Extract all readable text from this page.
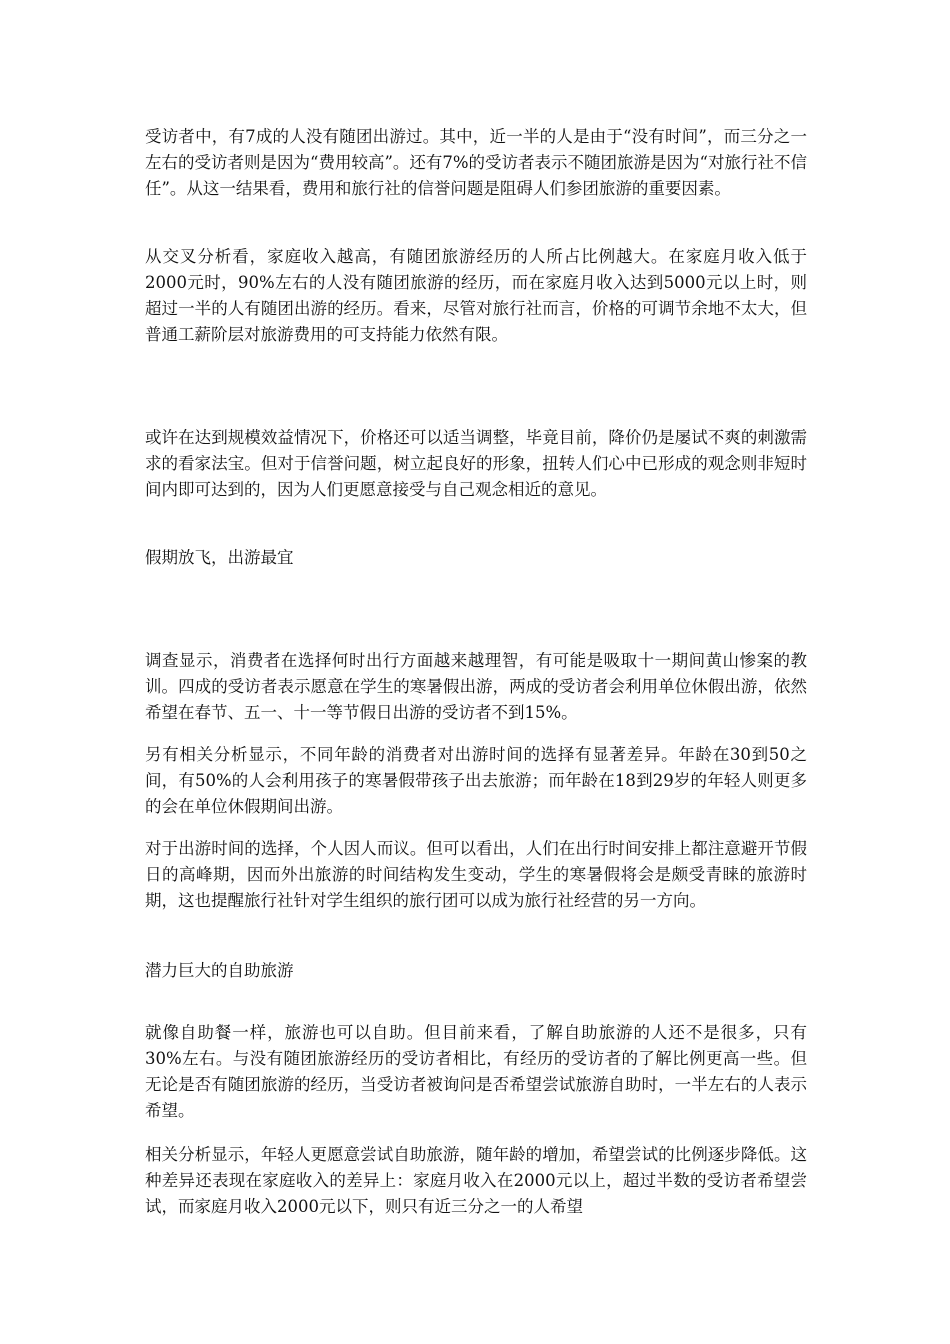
受访者中，有7成的人没有随团出游过。其中，近一半的人是由于“没有时间”，而三分之一左右的受访者则是因为“费用较高”。还有7%的受访者表示不随团旅游是因为“对旅行社不信任”。从这一结果看，费用和旅行社的信誉问题是阻碍人们参团旅游的重要因素。

从交叉分析看，家庭收入越高，有随团旅游经历的人所占比例越大。在家庭月收入低于2000元时，90%左右的人没有随团旅游的经历，而在家庭月收入达到5000元以上时，则超过一半的人有随团出游的经历。看来，尽管对旅行社而言，价格的可调节余地不太大，但普通工薪阶层对旅游费用的可支持能力依然有限。

或许在达到规模效益情况下，价格还可以适当调整，毕竟目前，降价仍是屡试不爽的刺激需求的看家法宝。但对于信誉问题，树立起良好的形象，扭转人们心中已形成的观念则非短时间内即可达到的，因为人们更愿意接受与自己观念相近的意见。

假期放飞，出游最宜

调查显示，消费者在选择何时出行方面越来越理智，有可能是吸取十一期间黄山惨案的教训。四成的受访者表示愿意在学生的寒暑假出游，两成的受访者会利用单位休假出游，依然希望在春节、五一、十一等节假日出游的受访者不到15%。

另有相关分析显示，不同年龄的消费者对出游时间的选择有显著差异。年龄在30到50之间，有50%的人会利用孩子的寒暑假带孩子出去旅游；而年龄在18到29岁的年轻人则更多的会在单位休假期间出游。

对于出游时间的选择，个人因人而议。但可以看出，人们在出行时间安排上都注意避开节假日的高峰期，因而外出旅游的时间结构发生变动，学生的寒暑假将会是颇受青睐的旅游时期，这也提醒旅行社针对学生组织的旅行团可以成为旅行社经营的另一方向。

潜力巨大的自助旅游

就像自助餐一样，旅游也可以自助。但目前来看，了解自助旅游的人还不是很多，只有30%左右。与没有随团旅游经历的受访者相比，有经历的受访者的了解比例更高一些。但无论是否有随团旅游的经历，当受访者被询问是否希望尝试旅游自助时，一半左右的人表示希望。

相关分析显示，年轻人更愿意尝试自助旅游，随年龄的增加，希望尝试的比例逐步降低。这种差异还表现在家庭收入的差异上：家庭月收入在2000元以上，超过半数的受访者希望尝试，而家庭月收入2000元以下，则只有近三分之一的人希望
